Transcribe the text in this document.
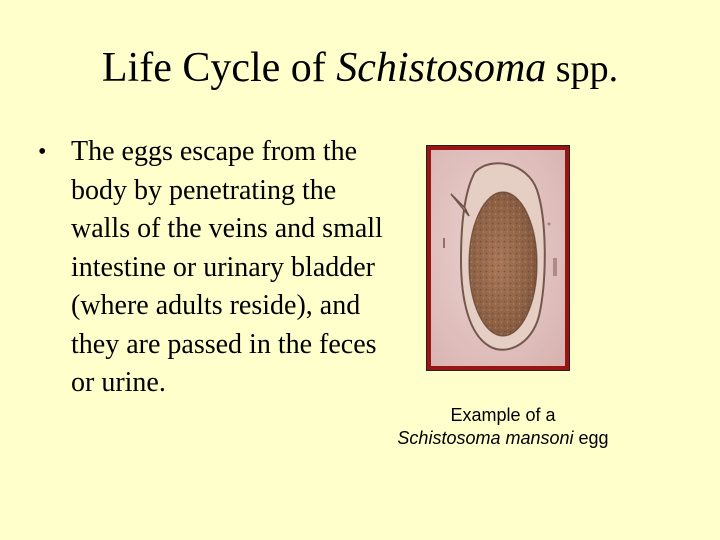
Life Cycle of Schistosoma spp.
• The eggs escape from the body by penetrating the walls of the veins and small intestine or urinary bladder (where adults reside), and they are passed in the feces or urine.
Example of a
Schistosoma mansoni egg
